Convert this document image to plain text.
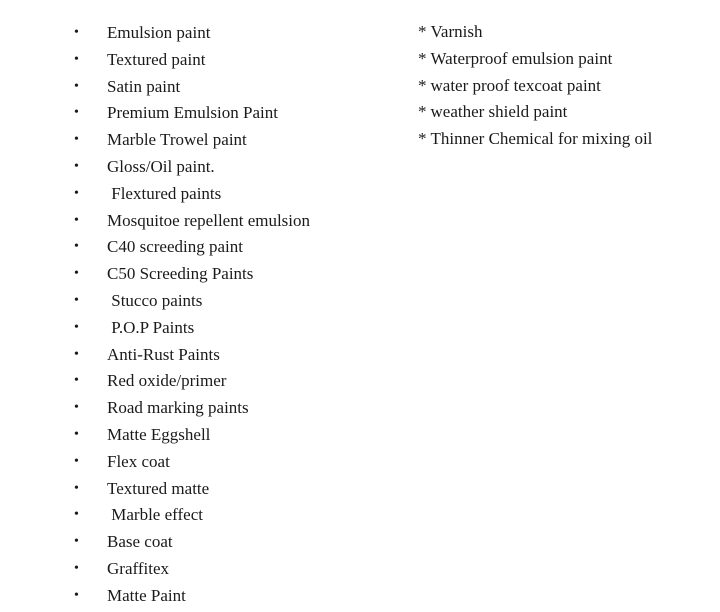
• Emulsion paint
• Textured paint
• Satin paint
• Premium Emulsion Paint
• Marble Trowel paint
• Gloss/Oil paint.
• Flextured paints
• Mosquitoe repellent emulsion
• C40 screeding paint
• C50 Screeding Paints
• Stucco paints
• P.O.P Paints
• Anti-Rust Paints
• Red oxide/primer
• Road marking paints
• Matte Eggshell
• Flex coat
• Textured matte
• Marble effect
• Base coat
• Graffitex
• Matte Paint
* Varnish
* Waterproof emulsion paint
* water proof texcoat paint
* weather shield paint
* Thinner Chemical for mixing oil
